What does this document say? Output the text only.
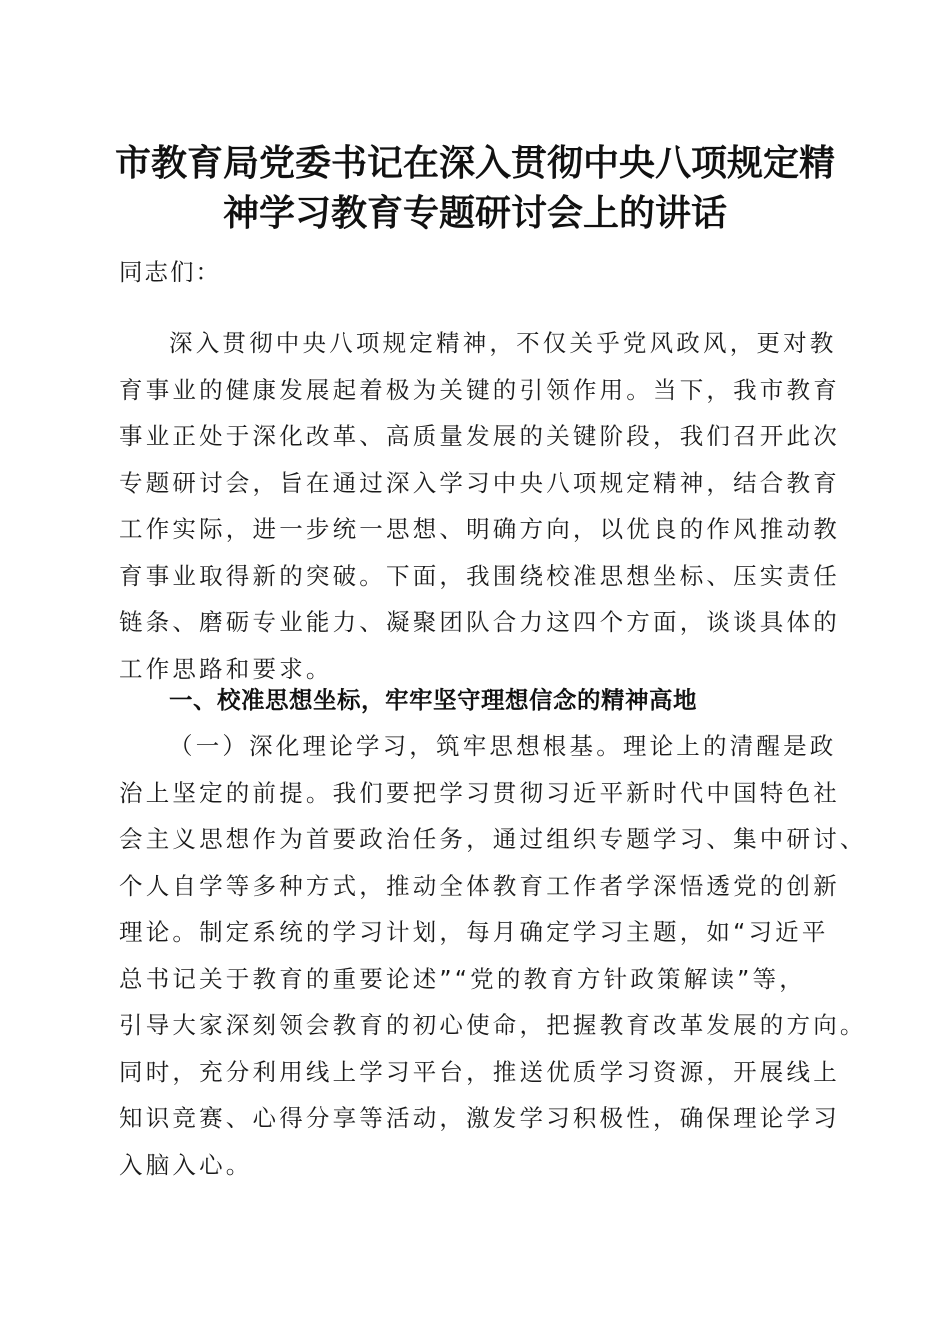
市教育局党委书记在深入贯彻中央八项规定精
神学习教育专题研讨会上的讲话
同志们：
深入贯彻中央八项规定精神，不仅关乎党风政风，更对教
育事业的健康发展起着极为关键的引领作用。当下，我市教育
事业正处于深化改革、高质量发展的关键阶段，我们召开此次
专题研讨会，旨在通过深入学习中央八项规定精神，结合教育
工作实际，进一步统一思想、明确方向，以优良的作风推动教
育事业取得新的突破。下面，我围绕校准思想坐标、压实责任
链条、磨砺专业能力、凝聚团队合力这四个方面，谈谈具体的
工作思路和要求。
一、校准思想坐标，牢牢坚守理想信念的精神高地
（一）深化理论学习，筑牢思想根基。理论上的清醒是政
治上坚定的前提。我们要把学习贯彻习近平新时代中国特色社
会主义思想作为首要政治任务，通过组织专题学习、集中研讨、
个人自学等多种方式，推动全体教育工作者学深悟透党的创新
理论。制定系统的学习计划，每月确定学习主题，如“习近平
总书记关于教育的重要论述”“党的教育方针政策解读”等，
引导大家深刻领会教育的初心使命，把握教育改革发展的方向。
同时，充分利用线上学习平台，推送优质学习资源，开展线上
知识竞赛、心得分享等活动，激发学习积极性，确保理论学习
入脑入心。
